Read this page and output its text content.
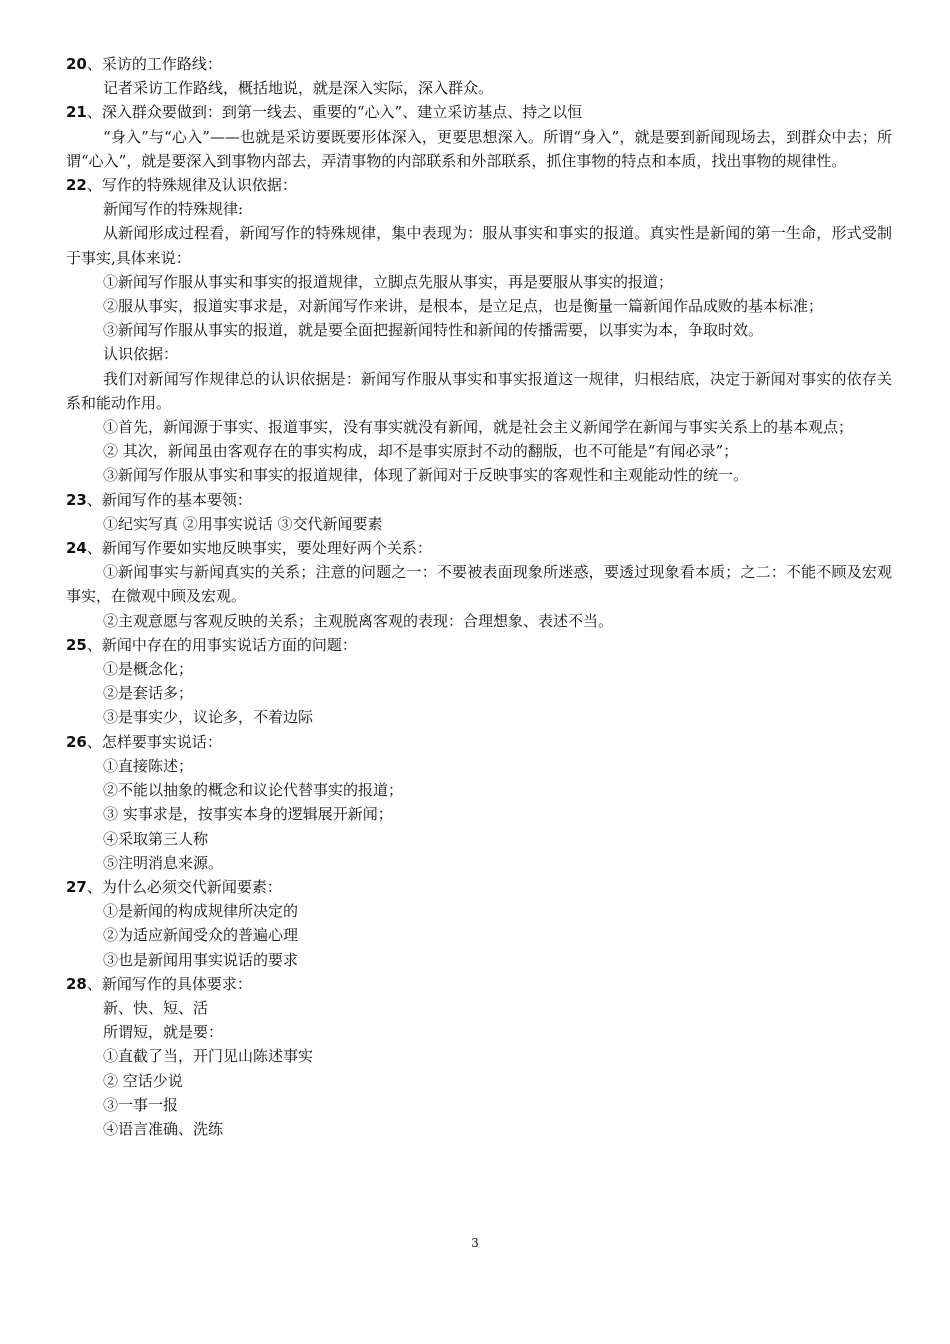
20、采访的工作路线：
记者采访工作路线，概括地说，就是深入实际，深入群众。
21、深入群众要做到：到第一线去、重要的“心入”、建立采访基点、持之以恒
“身入”与“心入”——也就是采访要既要形体深入，更要思想深入。所谓“身入”，就是要到新闻现场去，到群众中去；所谓“心入”，就是要深入到事物内部去，弄清事物的内部联系和外部联系，抓住事物的特点和本质，找出事物的规律性。
22、写作的特殊规律及认识依据：
新闻写作的特殊规律:
从新闻形成过程看，新闻写作的特殊规律，集中表现为：服从事实和事实的报道。真实性是新闻的第一生命，形式受制于事实,具体来说：
①新闻写作服从事实和事实的报道规律，立脚点先服从事实，再是要服从事实的报道；
②服从事实，报道实事求是，对新闻写作来讲，是根本，是立足点，也是衡量一篇新闻作品成败的基本标准；
③新闻写作服从事实的报道，就是要全面把握新闻特性和新闻的传播需要，以事实为本，争取时效。
认识依据：
我们对新闻写作规律总的认识依据是：新闻写作服从事实和事实报道这一规律，归根结底，决定于新闻对事实的依存关系和能动作用。
①首先，新闻源于事实、报道事实，没有事实就没有新闻，就是社会主义新闻学在新闻与事实关系上的基本观点；
② 其次，新闻虽由客观存在的事实构成，却不是事实原封不动的翻版，也不可能是“有闻必录”；
③新闻写作服从事实和事实的报道规律，体现了新闻对于反映事实的客观性和主观能动性的统一。
23、新闻写作的基本要领：
①纪实写真 ②用事实说话 ③交代新闻要素
24、新闻写作要如实地反映事实，要处理好两个关系：
①新闻事实与新闻真实的关系；注意的问题之一：不要被表面现象所迷惑，要透过现象看本质；之二：不能不顾及宏观事实，在微观中顾及宏观。
②主观意愿与客观反映的关系；主观脱离客观的表现：合理想象、表述不当。
25、新闻中存在的用事实说话方面的问题：
①是概念化；
②是套话多；
③是事实少，议论多，不着边际
26、怎样要事实说话：
①直接陈述；
②不能以抽象的概念和议论代替事实的报道；
③ 实事求是，按事实本身的逻辑展开新闻；
④采取第三人称
⑤注明消息来源。
27、为什么必须交代新闻要素：
①是新闻的构成规律所决定的
②为适应新闻受众的普遍心理
③也是新闻用事实说话的要求
28、新闻写作的具体要求：
新、快、短、活
所谓短，就是要：
①直截了当，开门见山陈述事实
② 空话少说
③一事一报
④语言准确、洗练
3
